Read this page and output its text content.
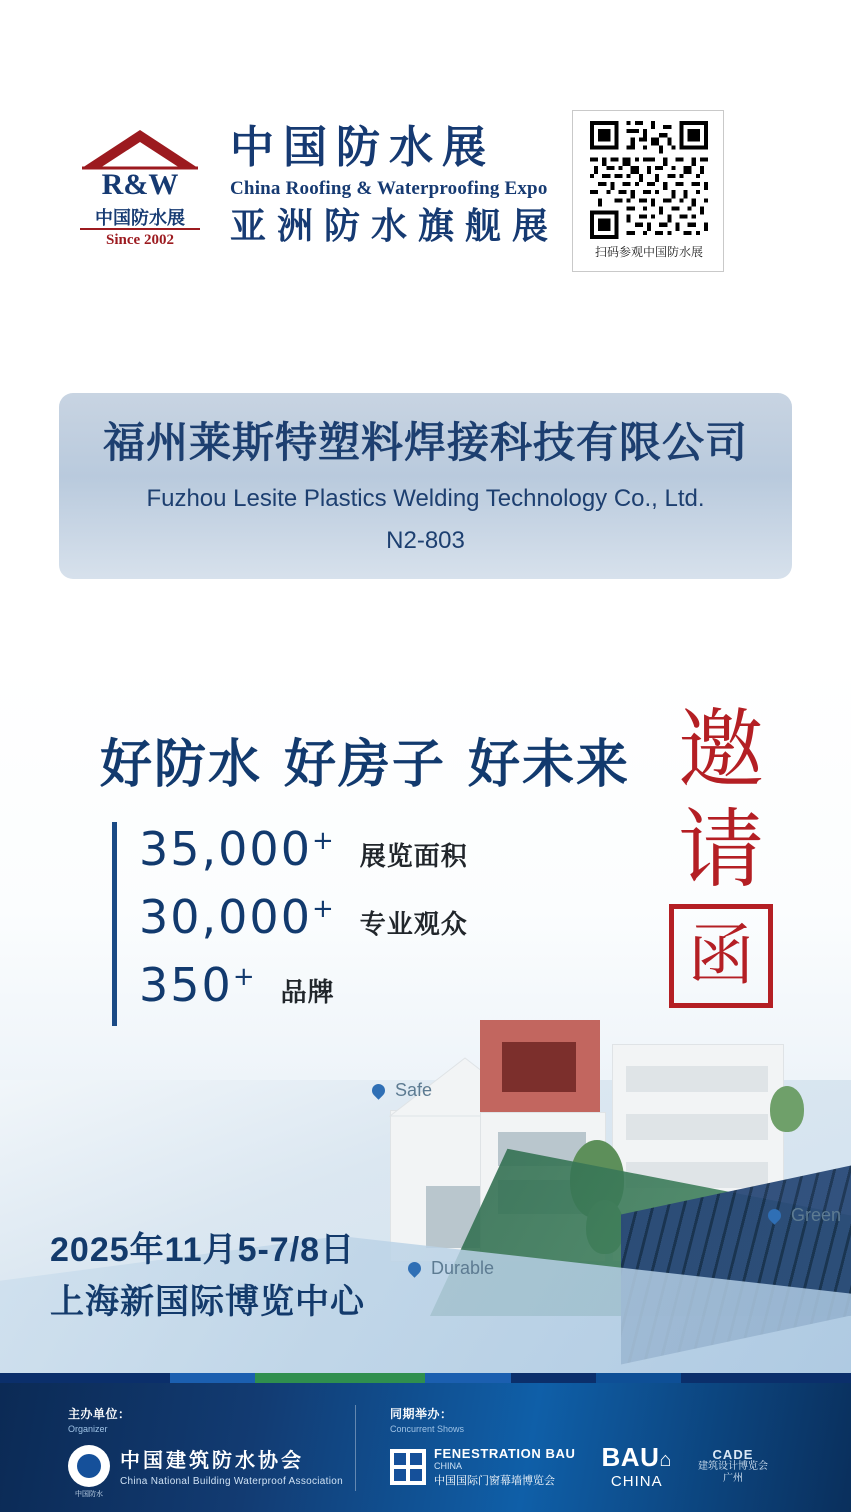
R&W
中国防水展
Since 2002
中国防水展
China Roofing & Waterproofing Expo
亚洲防水旗舰展
扫码参观中国防水展
福州莱斯特塑料焊接科技有限公司
Fuzhou Lesite Plastics Welding Technology Co., Ltd.
N2-803
好防水 好房子 好未来
35,000 + 展览面积
30,000 + 专业观众
350 + 品牌
邀
请
函
Safe
Green
Durable
2025年11月5-7/8日
上海新国际博览中心
主办单位：
Organizer
中国防水
中国建筑防水协会
China National Building Waterproof Association
同期举办：
Concurrent Shows
FENESTRATION BAU
CHINA
中国国际门窗幕墙博览会
BAU⌂
CHINA
CADE
建筑设计博览会
广州
